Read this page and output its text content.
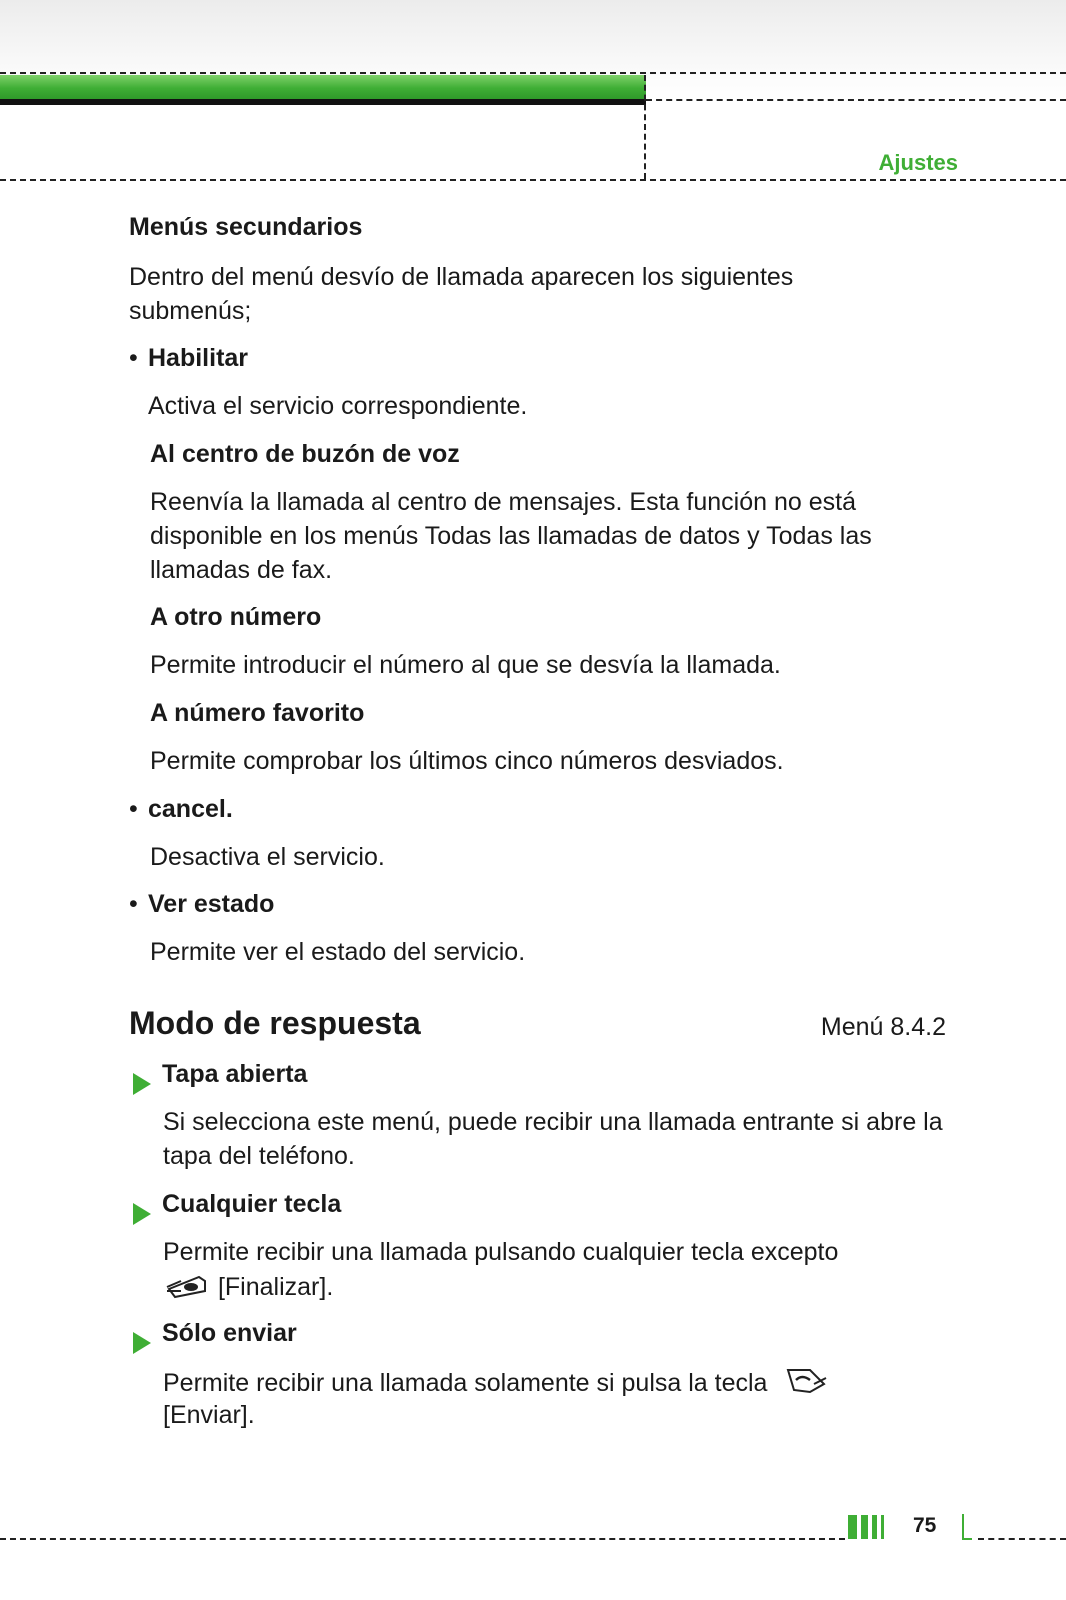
Ajustes
Menús secundarios

Dentro del menú desvío de llamada aparecen los siguientes submenús;

• Habilitar
Activa el servicio correspondiente.
Al centro de buzón de voz

Reenvía la llamada al centro de mensajes. Esta función no está disponible en los menús Todas las llamadas de datos y Todas las llamadas de fax.

A otro número
Permite introducir el número al que se desvía la llamada.
A número favorito
Permite comprobar los últimos cinco números desviados.
• cancel.
Desactiva el servicio.
• Ver estado
Permite ver el estado del servicio.
Modo de respuesta	Menú 8.4.2
Tapa abierta

Si selecciona este menú, puede recibir una llamada entrante si abre la tapa del teléfono.

Cualquier tecla
Permite recibir una llamada pulsando cualquier tecla excepto
[Finalizar].
Sólo enviar
Permite recibir una llamada solamente si pulsa la tecla
[Enviar].
75
